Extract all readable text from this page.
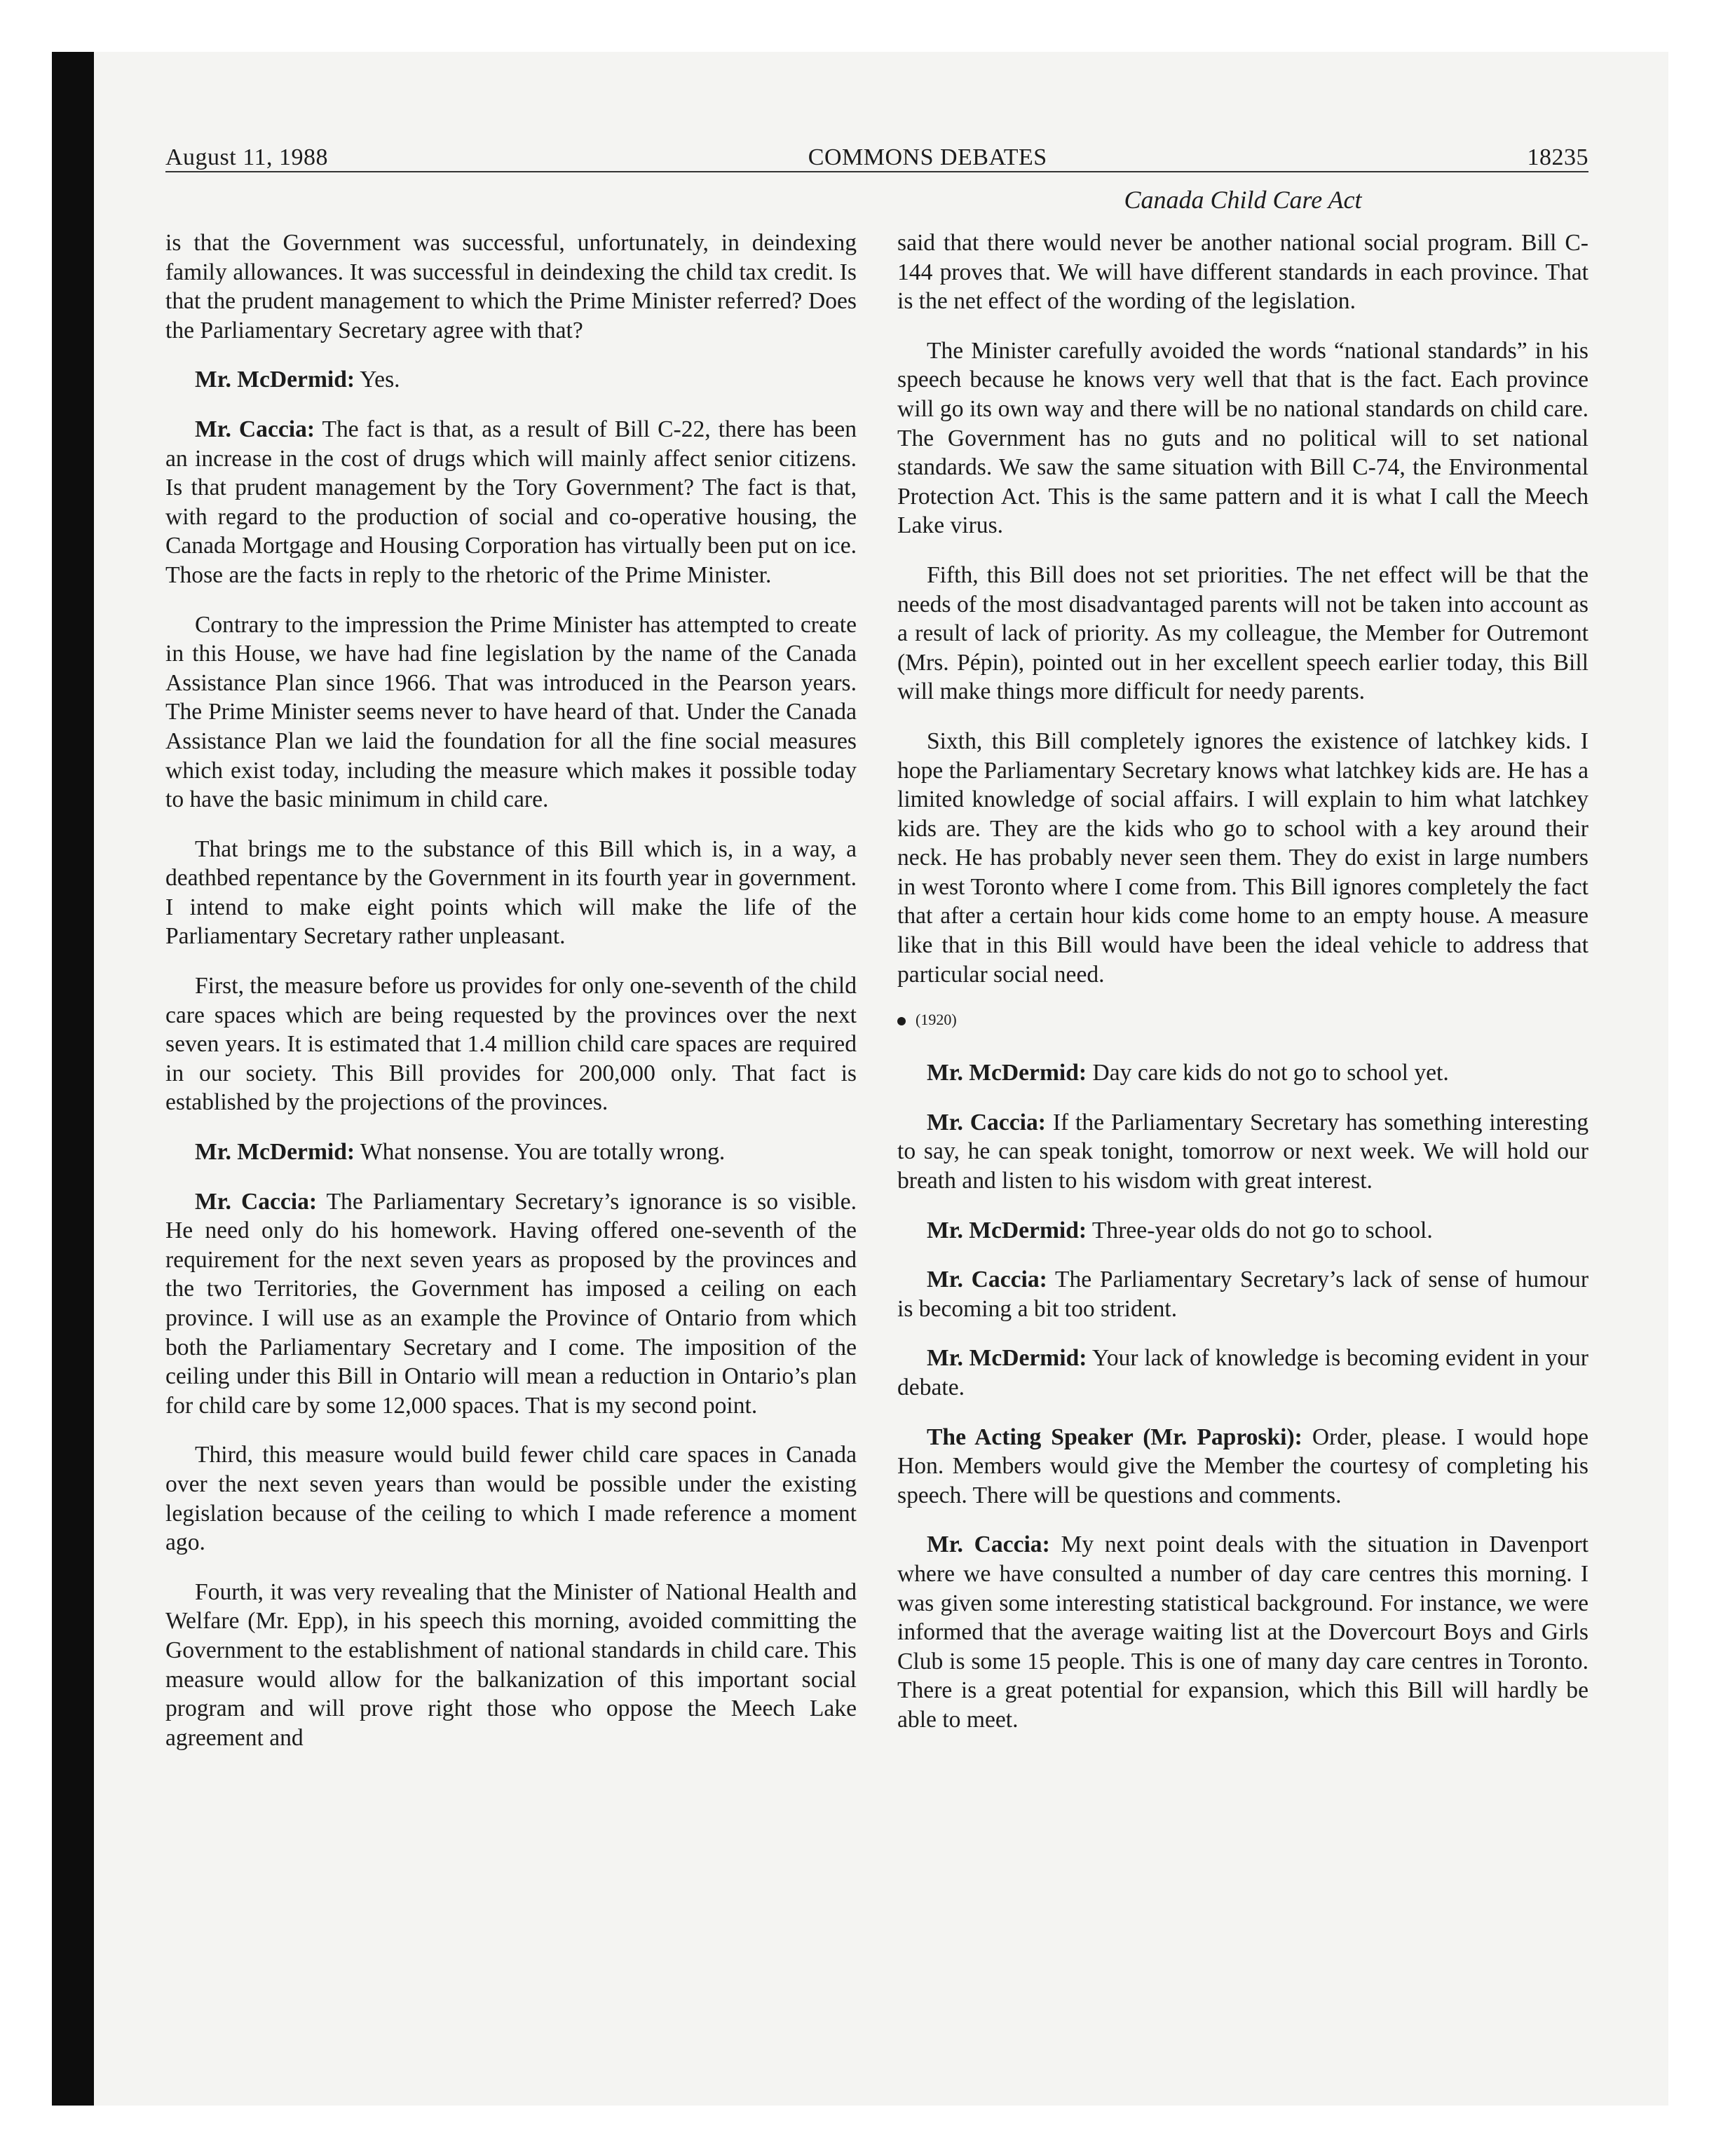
August 11, 1988	COMMONS DEBATES	18235
Canada Child Care Act

is that the Government was successful, unfortunately, in deindexing family allowances. It was successful in deindexing the child tax credit. Is that the prudent management to which the Prime Minister referred? Does the Parliamentary Secretary agree with that?

Mr. McDermid: Yes.

Mr. Caccia: The fact is that, as a result of Bill C-22, there has been an increase in the cost of drugs which will mainly affect senior citizens. Is that prudent management by the Tory Government? The fact is that, with regard to the production of social and co-operative housing, the Canada Mortgage and Housing Corporation has virtually been put on ice. Those are the facts in reply to the rhetoric of the Prime Minister.

Contrary to the impression the Prime Minister has attempted to create in this House, we have had fine legislation by the name of the Canada Assistance Plan since 1966. That was introduced in the Pearson years. The Prime Minister seems never to have heard of that. Under the Canada Assistance Plan we laid the foundation for all the fine social measures which exist today, including the measure which makes it possible today to have the basic minimum in child care.

That brings me to the substance of this Bill which is, in a way, a deathbed repentance by the Government in its fourth year in government. I intend to make eight points which will make the life of the Parliamentary Secretary rather unpleasant.

First, the measure before us provides for only one-seventh of the child care spaces which are being requested by the provinces over the next seven years. It is estimated that 1.4 million child care spaces are required in our society. This Bill provides for 200,000 only. That fact is established by the projections of the provinces.

Mr. McDermid: What nonsense. You are totally wrong.

Mr. Caccia: The Parliamentary Secretary’s ignorance is so visible. He need only do his homework. Having offered one-seventh of the requirement for the next seven years as proposed by the provinces and the two Territories, the Government has imposed a ceiling on each province. I will use as an example the Province of Ontario from which both the Parliamentary Secretary and I come. The imposition of the ceiling under this Bill in Ontario will mean a reduction in Ontario’s plan for child care by some 12,000 spaces. That is my second point.

Third, this measure would build fewer child care spaces in Canada over the next seven years than would be possible under the existing legislation because of the ceiling to which I made reference a moment ago.

Fourth, it was very revealing that the Minister of National Health and Welfare (Mr. Epp), in his speech this morning, avoided committing the Government to the establishment of national standards in child care. This measure would allow for the balkanization of this important social program and will prove right those who oppose the Meech Lake agreement and

said that there would never be another national social program. Bill C-144 proves that. We will have different standards in each province. That is the net effect of the wording of the legislation.

The Minister carefully avoided the words “national standards” in his speech because he knows very well that that is the fact. Each province will go its own way and there will be no national standards on child care. The Government has no guts and no political will to set national standards. We saw the same situation with Bill C-74, the Environmental Protection Act. This is the same pattern and it is what I call the Meech Lake virus.

Fifth, this Bill does not set priorities. The net effect will be that the needs of the most disadvantaged parents will not be taken into account as a result of lack of priority. As my colleague, the Member for Outremont (Mrs. Pépin), pointed out in her excellent speech earlier today, this Bill will make things more difficult for needy parents.

Sixth, this Bill completely ignores the existence of latchkey kids. I hope the Parliamentary Secretary knows what latchkey kids are. He has a limited knowledge of social affairs. I will explain to him what latchkey kids are. They are the kids who go to school with a key around their neck. He has probably never seen them. They do exist in large numbers in west Toronto where I come from. This Bill ignores completely the fact that after a certain hour kids come home to an empty house. A measure like that in this Bill would have been the ideal vehicle to address that particular social need.

(1920)

Mr. McDermid: Day care kids do not go to school yet.

Mr. Caccia: If the Parliamentary Secretary has something interesting to say, he can speak tonight, tomorrow or next week. We will hold our breath and listen to his wisdom with great interest.

Mr. McDermid: Three-year olds do not go to school.

Mr. Caccia: The Parliamentary Secretary’s lack of sense of humour is becoming a bit too strident.

Mr. McDermid: Your lack of knowledge is becoming evident in your debate.

The Acting Speaker (Mr. Paproski): Order, please. I would hope Hon. Members would give the Member the courtesy of completing his speech. There will be questions and comments.

Mr. Caccia: My next point deals with the situation in Davenport where we have consulted a number of day care centres this morning. I was given some interesting statistical background. For instance, we were informed that the average waiting list at the Dovercourt Boys and Girls Club is some 15 people. This is one of many day care centres in Toronto. There is a great potential for expansion, which this Bill will hardly be able to meet.
